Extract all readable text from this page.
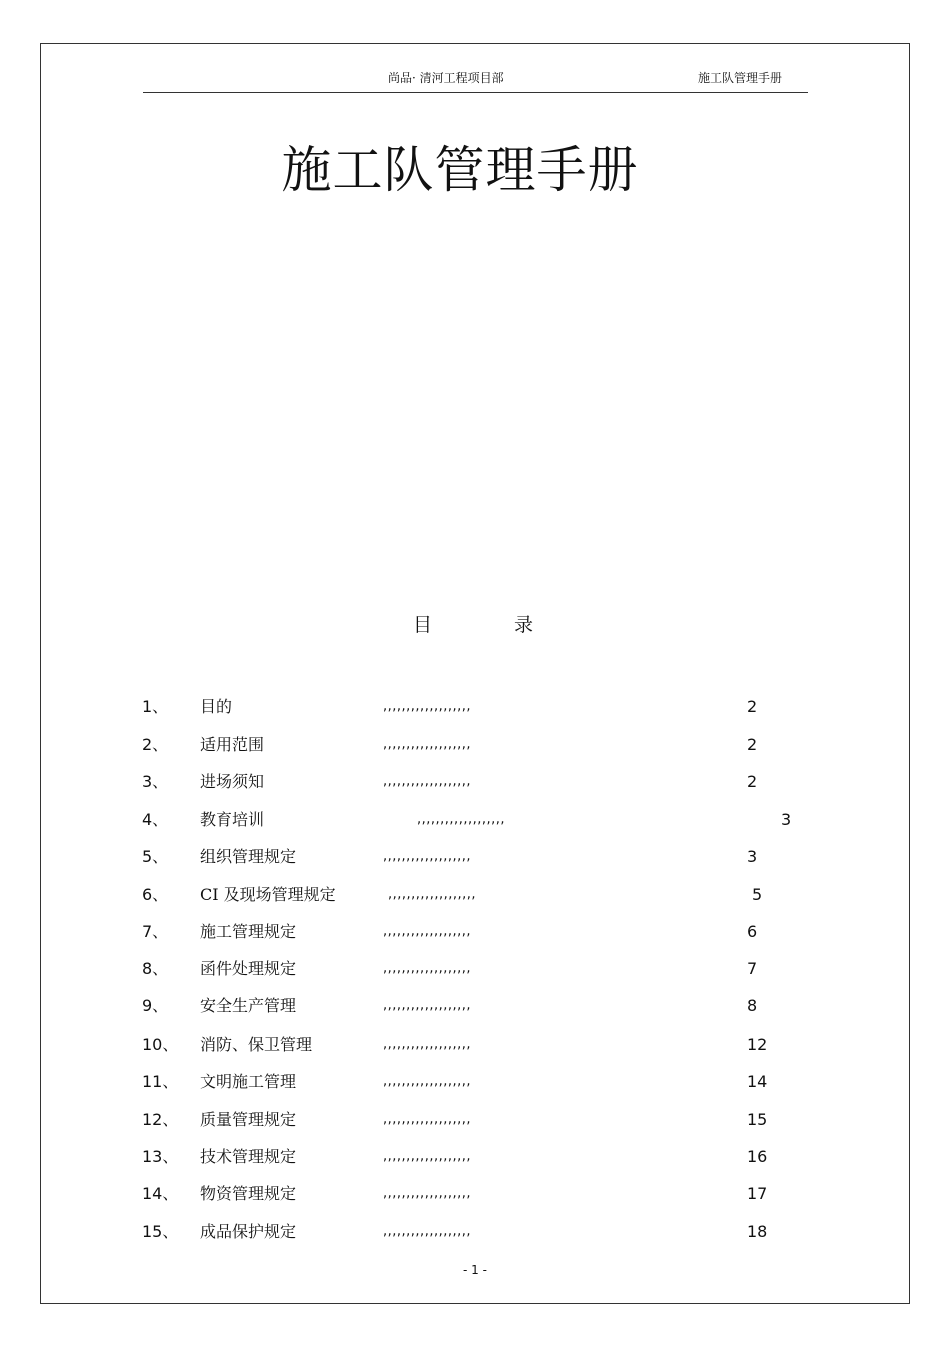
尚品· 清河工程项目部	施工队管理手册
施工队管理手册
目	录
1、 目的	,,,,,,,,,,,,,,,,,,,	2
2、 适用范围	,,,,,,,,,,,,,,,,,,,	2
3、 进场须知	,,,,,,,,,,,,,,,,,,,	2
4、 教育培训	,,,,,,,,,,,,,,,,,,,	3
5、 组织管理规定	,,,,,,,,,,,,,,,,,,,	3
6、 CI 及现场管理规定	,,,,,,,,,,,,,,,,,,,	5
7、 施工管理规定	,,,,,,,,,,,,,,,,,,,	6
8、 函件处理规定	,,,,,,,,,,,,,,,,,,,	7
9、 安全生产管理	,,,,,,,,,,,,,,,,,,,	8
10、 消防、保卫管理	,,,,,,,,,,,,,,,,,,,	12
11、 文明施工管理	,,,,,,,,,,,,,,,,,,,	14
12、 质量管理规定	,,,,,,,,,,,,,,,,,,,	15
13、 技术管理规定	,,,,,,,,,,,,,,,,,,,	16
14、 物资管理规定	,,,,,,,,,,,,,,,,,,,	17
15、 成品保护规定	,,,,,,,,,,,,,,,,,,,	18
- 1 -
